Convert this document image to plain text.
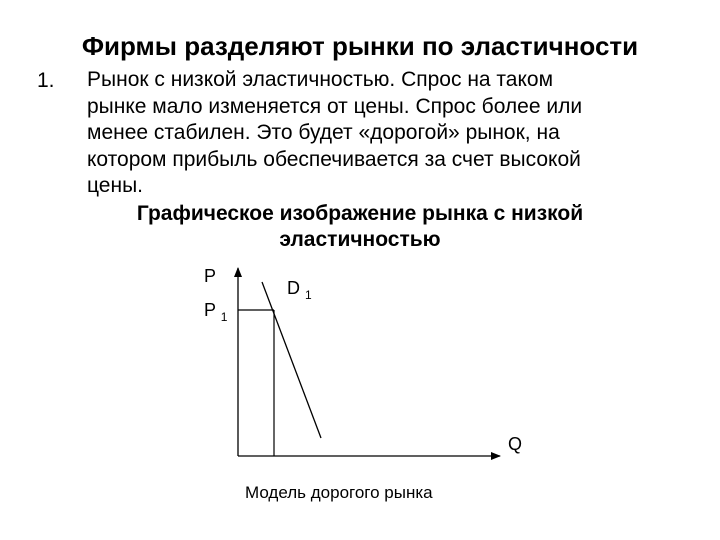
Фирмы разделяют рынки по эластичности
1. Рынок с низкой эластичностью. Спрос на таком
рынке мало изменяется от цены. Спрос более или
менее стабилен. Это будет «дорогой» рынок, на
котором прибыль обеспечивается за счет высокой
цены.
Графическое изображение рынка с низкой
эластичностью
P
Q
P $_1$
D $_1$
Модель дорогого рынка
